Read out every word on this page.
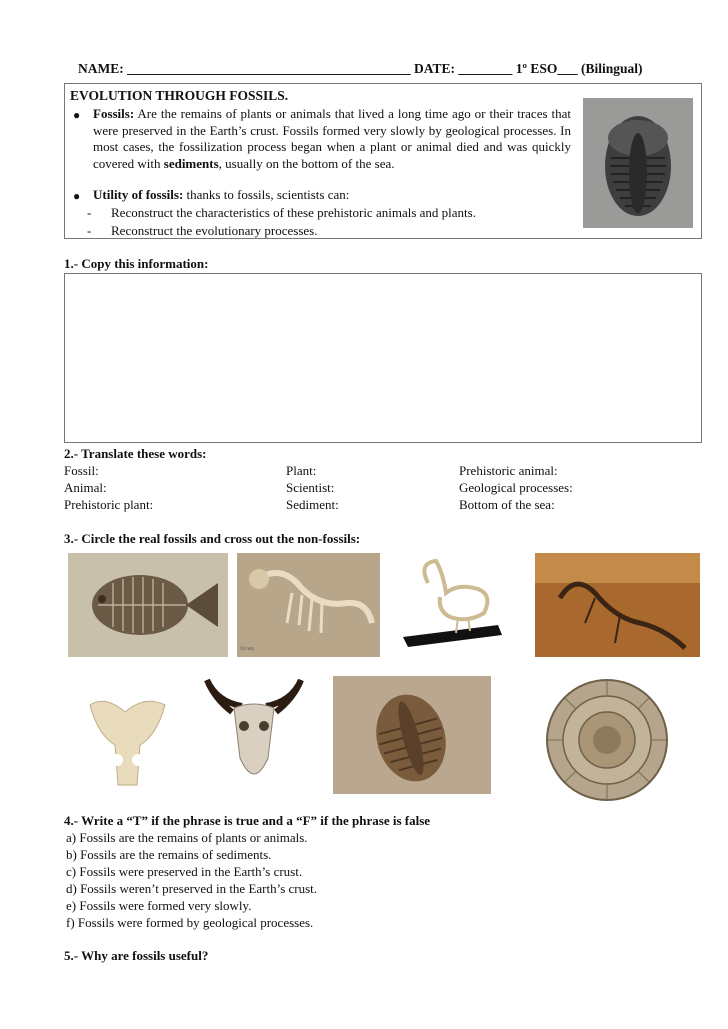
NAME: __________________________________________ DATE: ________ 1º ESO___ (Bilingual)
EVOLUTION THROUGH FOSSILS.
● Fossils: Are the remains of plants or animals that lived a long time ago or their traces that were preserved in the Earth’s crust. Fossils formed very slowly by geological processes. In most cases, the fossilization process began when a plant or animal died and was quickly covered with sediments, usually on the bottom of the sea.
● Utility of fossils: thanks to fossils, scientists can:
- Reconstruct the characteristics of these prehistoric animals and plants.
- Reconstruct the evolutionary processes.
1.- Copy this information:
2.- Translate these words:
Fossil:
Animal:
Prehistoric plant:
Plant:
Scientist:
Sediment:
Prehistoric animal:
Geological processes:
Bottom of the sea:
3.- Circle the real fossils and cross out the non-fossils:
30 mm
4.- Write a “T” if the phrase is true and a “F” if the phrase is false
a) Fossils are the remains of plants or animals.
b) Fossils are the remains of sediments.
c) Fossils were preserved in the Earth’s crust.
d) Fossils weren’t preserved in the Earth’s crust.
e) Fossils were formed very slowly.
f) Fossils were formed by geological processes.
5.- Why are fossils useful?
